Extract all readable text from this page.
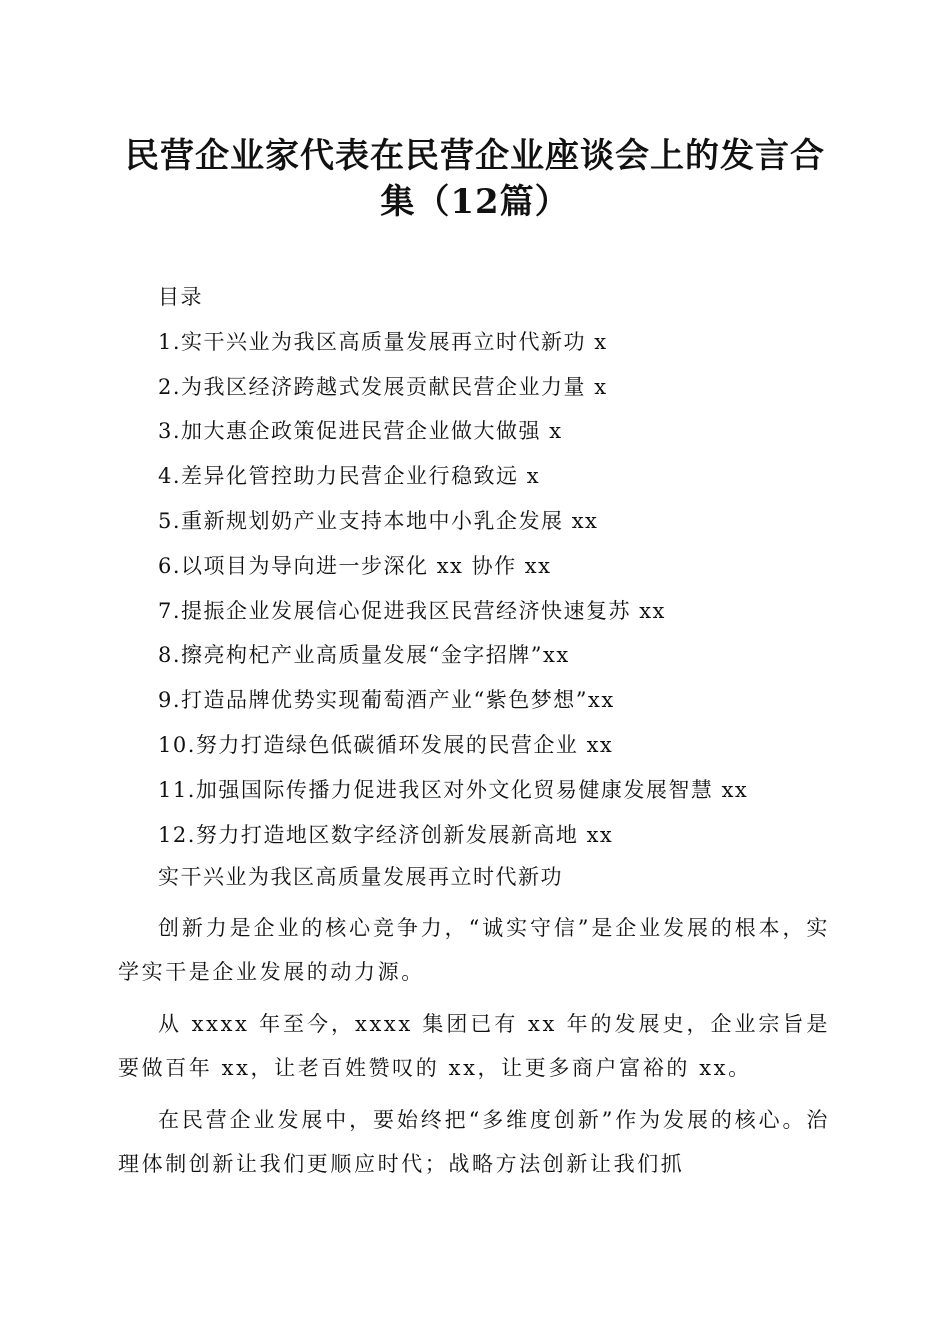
民营企业家代表在民营企业座谈会上的发言合
集（12篇）
目录
1.实干兴业为我区高质量发展再立时代新功 x
2.为我区经济跨越式发展贡献民营企业力量 x
3.加大惠企政策促进民营企业做大做强 x
4.差异化管控助力民营企业行稳致远 x
5.重新规划奶产业支持本地中小乳企发展 xx
6.以项目为导向进一步深化 xx 协作 xx
7.提振企业发展信心促进我区民营经济快速复苏 xx
8.擦亮枸杞产业高质量发展“金字招牌”xx
9.打造品牌优势实现葡萄酒产业“紫色梦想”xx
10.努力打造绿色低碳循环发展的民营企业 xx
11.加强国际传播力促进我区对外文化贸易健康发展智慧 xx
12.努力打造地区数字经济创新发展新高地 xx
实干兴业为我区高质量发展再立时代新功

创新力是企业的核心竞争力，“诚实守信”是企业发展的根本，实学实干是企业发展的动力源。

从 xxxx 年至今，xxxx 集团已有 xx 年的发展史，企业宗旨是要做百年 xx，让老百姓赞叹的 xx，让更多商户富裕的 xx。

在民营企业发展中，要始终把“多维度创新”作为发展的核心。治理体制创新让我们更顺应时代；战略方法创新让我们抓
